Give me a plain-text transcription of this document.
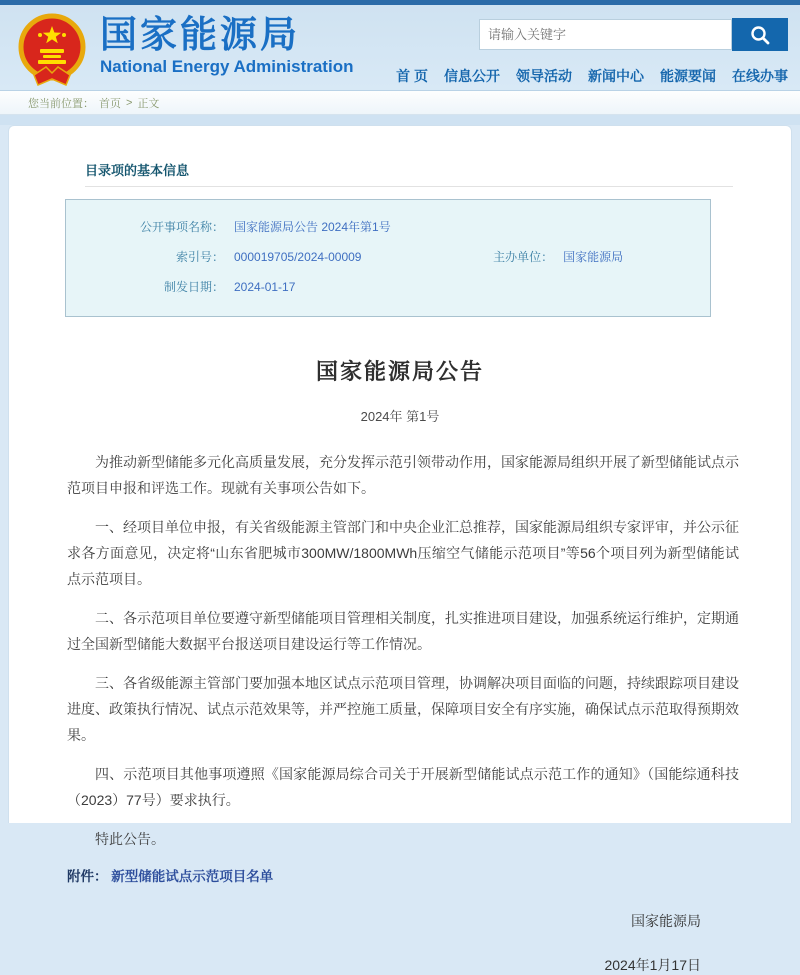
国家能源局
National Energy Administration
请输入关键字	首 页 信息公开 领导活动 新闻中心 能源要闻 在线办事
您当前位置： 首页 > 正文
目录项的基本信息
公开事项名称： 国家能源局公告 2024年第1号
索引号： 000019705/2024-00009	主办单位： 国家能源局
制发日期： 2024-01-17
国家能源局公告
2024年 第1号

为推动新型储能多元化高质量发展，充分发挥示范引领带动作用，国家能源局组织开展了新型储能试点示范项目申报和评选工作。现就有关事项公告如下。

一、经项目单位申报，有关省级能源主管部门和中央企业汇总推荐，国家能源局组织专家评审，并公示征求各方面意见，决定将“山东省肥城市300MW/1800MWh压缩空气储能示范项目”等56个项目列为新型储能试点示范项目。

二、各示范项目单位要遵守新型储能项目管理相关制度，扎实推进项目建设，加强系统运行维护，定期通过全国新型储能大数据平台报送项目建设运行等工作情况。

三、各省级能源主管部门要加强本地区试点示范项目管理，协调解决项目面临的问题，持续跟踪项目建设进度、政策执行情况、试点示范效果等，并严控施工质量，保障项目安全有序实施，确保试点示范取得预期效果。

四、示范项目其他事项遵照《国家能源局综合司关于开展新型储能试点示范工作的通知》（国能综通科技（2023）77号）要求执行。

特此公告。

附件： 新型储能试点示范项目名单
国家能源局
2024年1月17日
